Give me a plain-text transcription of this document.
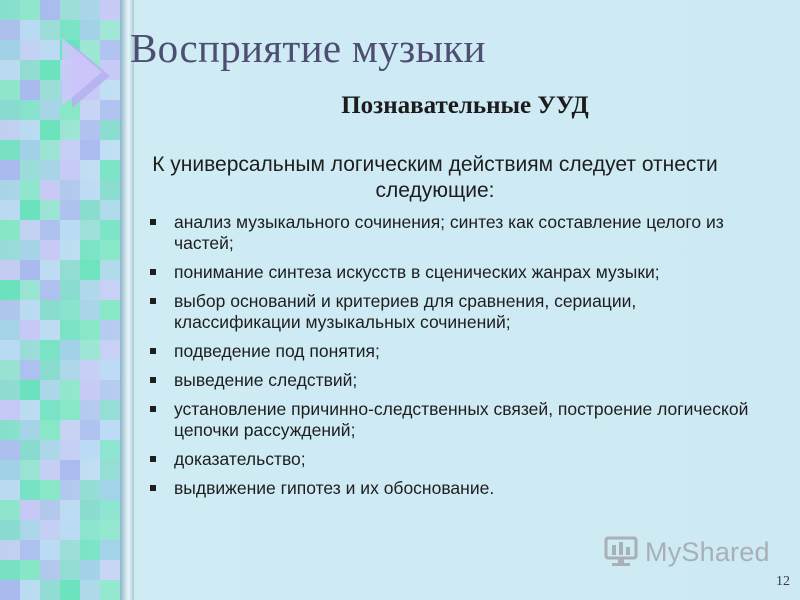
Восприятие музыки
Познавательные УУД

К универсальным логическим действиям следует отнести следующие:

анализ музыкального сочинения; синтез как составление целого из частей;
понимание синтеза искусств в сценических жанрах музыки;
выбор оснований и критериев для сравнения, сериации, классификации музыкальных сочинений;
подведение под понятия;
выведение следствий;
установление причинно-следственных связей, построение логической цепочки рассуждений;
доказательство;
выдвижение гипотез и их обоснование.
MyShared
12
